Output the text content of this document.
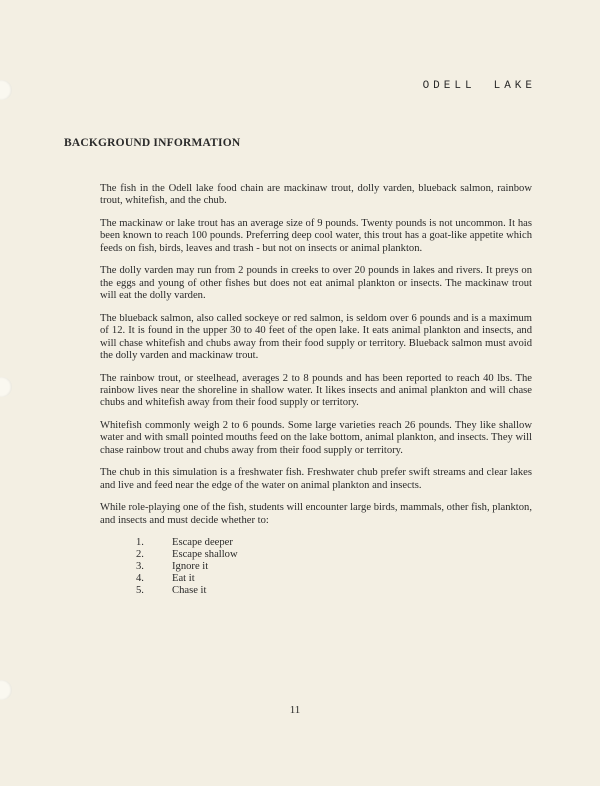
ODELL LAKE
BACKGROUND INFORMATION

The fish in the Odell lake food chain are mackinaw trout, dolly varden, blueback salmon, rainbow trout, whitefish, and the chub.

The mackinaw or lake trout has an average size of 9 pounds. Twenty pounds is not uncommon. It has been known to reach 100 pounds. Preferring deep cool water, this trout has a goat-like appetite which feeds on fish, birds, leaves and trash - but not on insects or animal plankton.

The dolly varden may run from 2 pounds in creeks to over 20 pounds in lakes and rivers. It preys on the eggs and young of other fishes but does not eat animal plankton or insects. The mackinaw trout will eat the dolly varden.

The blueback salmon, also called sockeye or red salmon, is seldom over 6 pounds and is a maximum of 12. It is found in the upper 30 to 40 feet of the open lake. It eats animal plankton and insects, and will chase whitefish and chubs away from their food supply or territory. Blueback salmon must avoid the dolly varden and mackinaw trout.

The rainbow trout, or steelhead, averages 2 to 8 pounds and has been reported to reach 40 lbs. The rainbow lives near the shoreline in shallow water. It likes insects and animal plankton and will chase chubs and whitefish away from their food supply or territory.

Whitefish commonly weigh 2 to 6 pounds. Some large varieties reach 26 pounds. They like shallow water and with small pointed mouths feed on the lake bottom, animal plankton, and insects. They will chase rainbow trout and chubs away from their food supply or territory.

The chub in this simulation is a freshwater fish. Freshwater chub prefer swift streams and clear lakes and live and feed near the edge of the water on animal plankton and insects.

While role-playing one of the fish, students will encounter large birds, mammals, other fish, plankton, and insects and must decide whether to:

1.	Escape deeper
2.	Escape shallow
3.	Ignore it
4.	Eat it
5.	Chase it
11
